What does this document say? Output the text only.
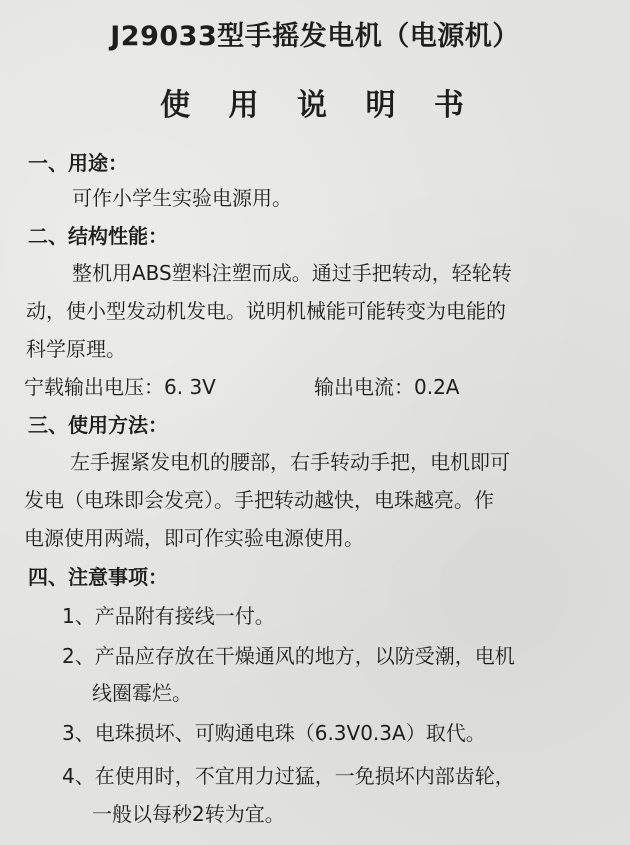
J29033型手摇发电机（电源机）
使 用 说 明 书

一、用途：

可作小学生实验电源用。

二、结构性能：

整机用ABS塑料注塑而成。通过手把转动，轻轮转

动，使小型发动机发电。说明机械能可能转变为电能的

科学原理。

宁载输出电压：6. 3V	输出电流：0.2A

三、使用方法：

左手握紧发电机的腰部，右手转动手把，电机即可

发电（电珠即会发亮）。手把转动越快，电珠越亮。作

电源使用两端，即可作实验电源使用。

四、注意事项：

1、产品附有接线一付。

2、产品应存放在干燥通风的地方，以防受潮，电机

线圈霉烂。

3、电珠损坏、可购通电珠（6.3V0.3A）取代。

4、在使用时，不宜用力过猛，一免损坏内部齿轮，

一般以每秒2转为宜。
